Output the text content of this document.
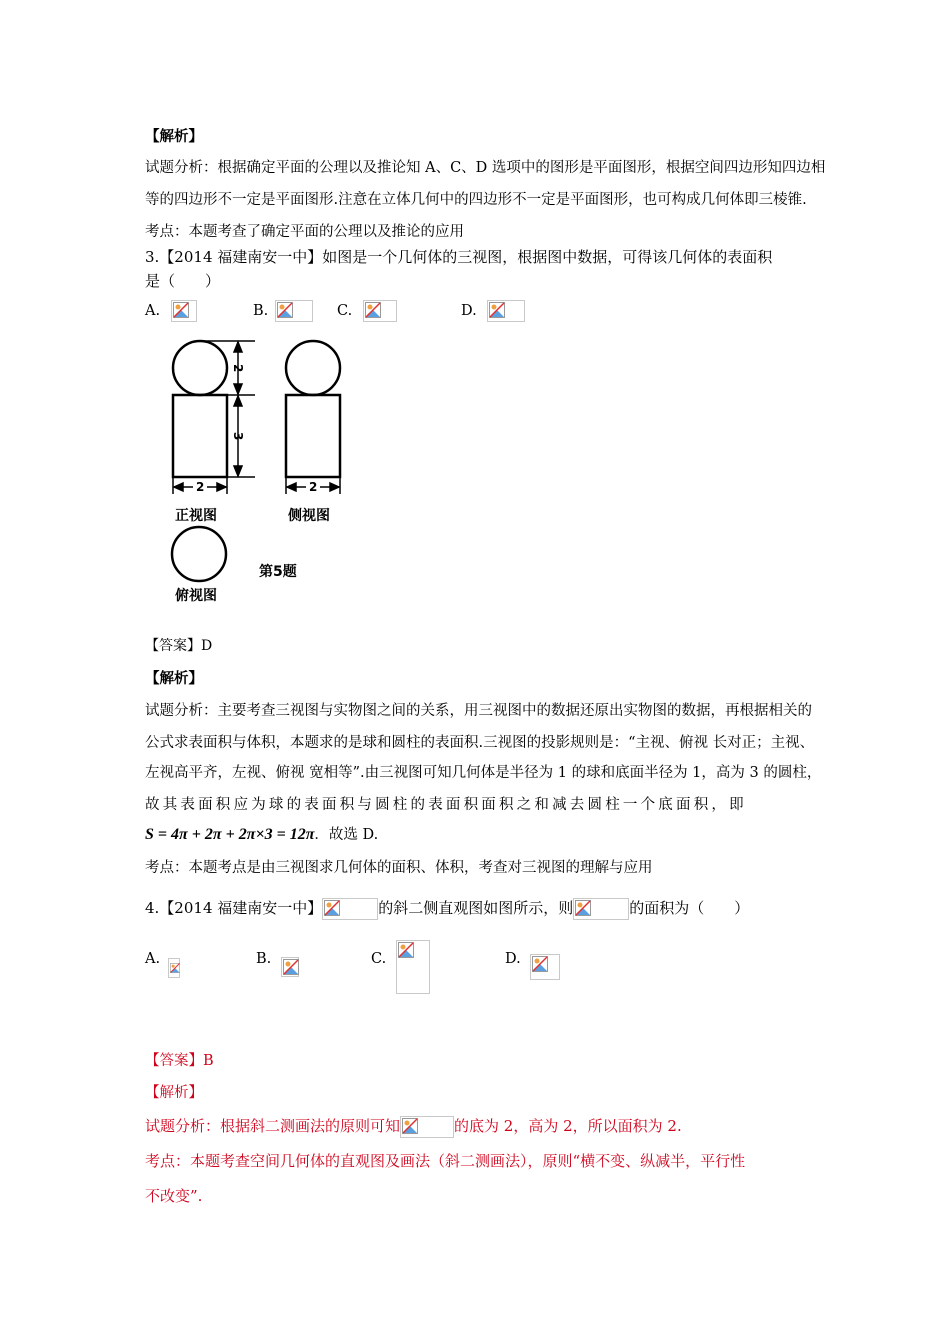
【解析】
试题分析：根据确定平面的公理以及推论知 A、C、D 选项中的图形是平面图形，根据空间四边形知四边相
等的四边形不一定是平面图形.注意在立体几何中的四边形不一定是平面图形，也可构成几何体即三棱锥.
考点：本题考查了确定平面的公理以及推论的应用
3.【2014 福建南安一中】如图是一个几何体的三视图，根据图中数据，可得该几何体的表面积
是（　　）
A.	B.	C.	D.
2
3
2	2
正视图	侧视图
第5题
俯视图
【答案】D
【解析】
试题分析：主要考查三视图与实物图之间的关系，用三视图中的数据还原出实物图的数据，再根据相关的
公式求表面积与体积，本题求的是球和圆柱的表面积.三视图的投影规则是：“主视、俯视 长对正；主视、
左视高平齐，左视、俯视 宽相等”.由三视图可知几何体是半径为 1 的球和底面半径为 1，高为 3 的圆柱，
故其表面积应为球的表面积与圆柱的表面积面积之和减去圆柱一个底面积，即
S = 4π + 2π + 2π×3 = 12π．故选 D.
考点：本题考点是由三视图求几何体的面积、体积，考查对三视图的理解与应用
4.【2014 福建南安一中】	的斜二侧直观图如图所示，则	的面积为（　　）
A.	B.	C.	D.
【答案】B
【解析】
试题分析：根据斜二测画法的原则可知	的底为 2，高为 2，所以面积为 2.
考点：本题考查空间几何体的直观图及画法（斜二测画法），原则“横不变、纵减半，平行性
不改变”.
